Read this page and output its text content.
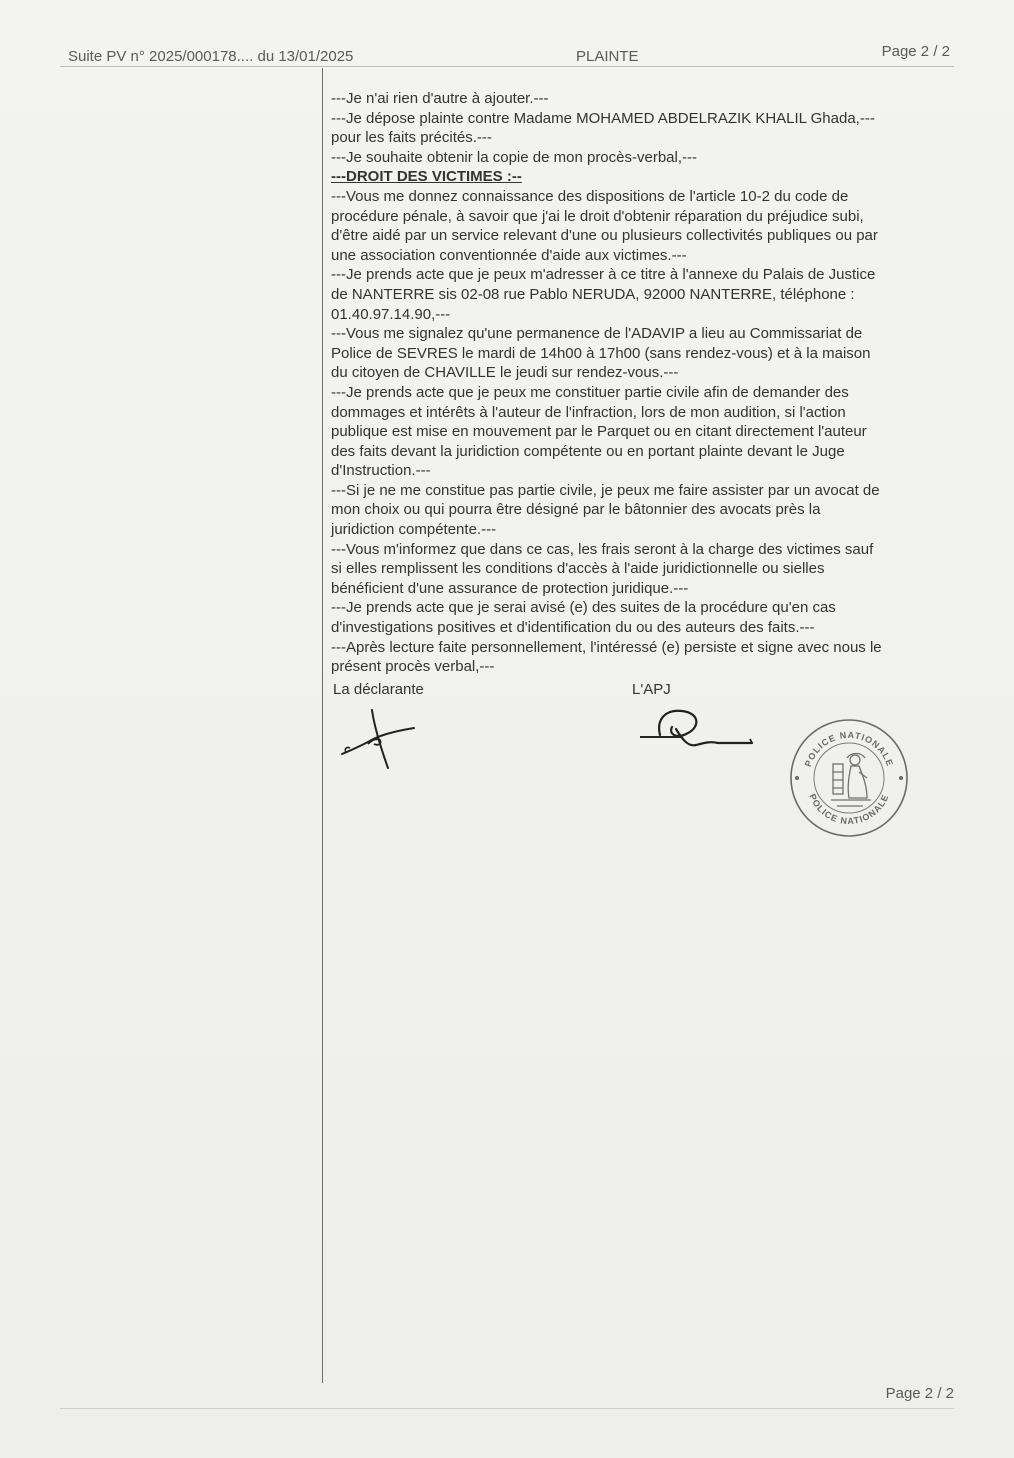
Suite PV n° 2025/000178.... du 13/01/2025	PLAINTE	Page 2 / 2
---Je n'ai rien d'autre à ajouter.---
---Je dépose plainte contre Madame MOHAMED ABDELRAZIK KHALIL Ghada,---
pour les faits précités.---
---Je souhaite obtenir la copie de mon procès-verbal,---
---DROIT DES VICTIMES :--
---Vous me donnez connaissance des dispositions de l'article 10-2 du code de
procédure pénale, à savoir que j'ai le droit d'obtenir réparation du préjudice subi,
d'être aidé par un service relevant d'une ou plusieurs collectivités publiques ou par
une association conventionnée d'aide aux victimes.---
---Je prends acte que je peux m'adresser à ce titre à l'annexe du Palais de Justice
de NANTERRE sis 02-08 rue Pablo NERUDA, 92000 NANTERRE, téléphone :
01.40.97.14.90,---
---Vous me signalez qu'une permanence de l'ADAVIP a lieu au Commissariat de
Police de SEVRES le mardi de 14h00 à 17h00 (sans rendez-vous) et à la maison
du citoyen de CHAVILLE le jeudi sur rendez-vous.---
---Je prends acte que je peux me constituer partie civile afin de demander des
dommages et intérêts à l'auteur de l'infraction, lors de mon audition, si l'action
publique est mise en mouvement par le Parquet ou en citant directement l'auteur
des faits devant la juridiction compétente ou en portant plainte devant le Juge
d'Instruction.---
---Si je ne me constitue pas partie civile, je peux me faire assister par un avocat de
mon choix ou qui pourra être désigné par le bâtonnier des avocats près la
juridiction compétente.---
---Vous m'informez que dans ce cas, les frais seront à la charge des victimes sauf
si elles remplissent les conditions d'accès à l'aide juridictionnelle ou sielles
bénéficient d'une assurance de protection juridique.---
---Je prends acte que je serai avisé (e) des suites de la procédure qu'en cas
d'investigations positives et d'identification du ou des auteurs des faits.---
---Après lecture faite personnellement, l'intéressé (e) persiste et signe avec nous le
présent procès verbal,---
La déclarante	L'APJ
POLICE NATIONALE
POLICE NATIONALE
Page 2 / 2
